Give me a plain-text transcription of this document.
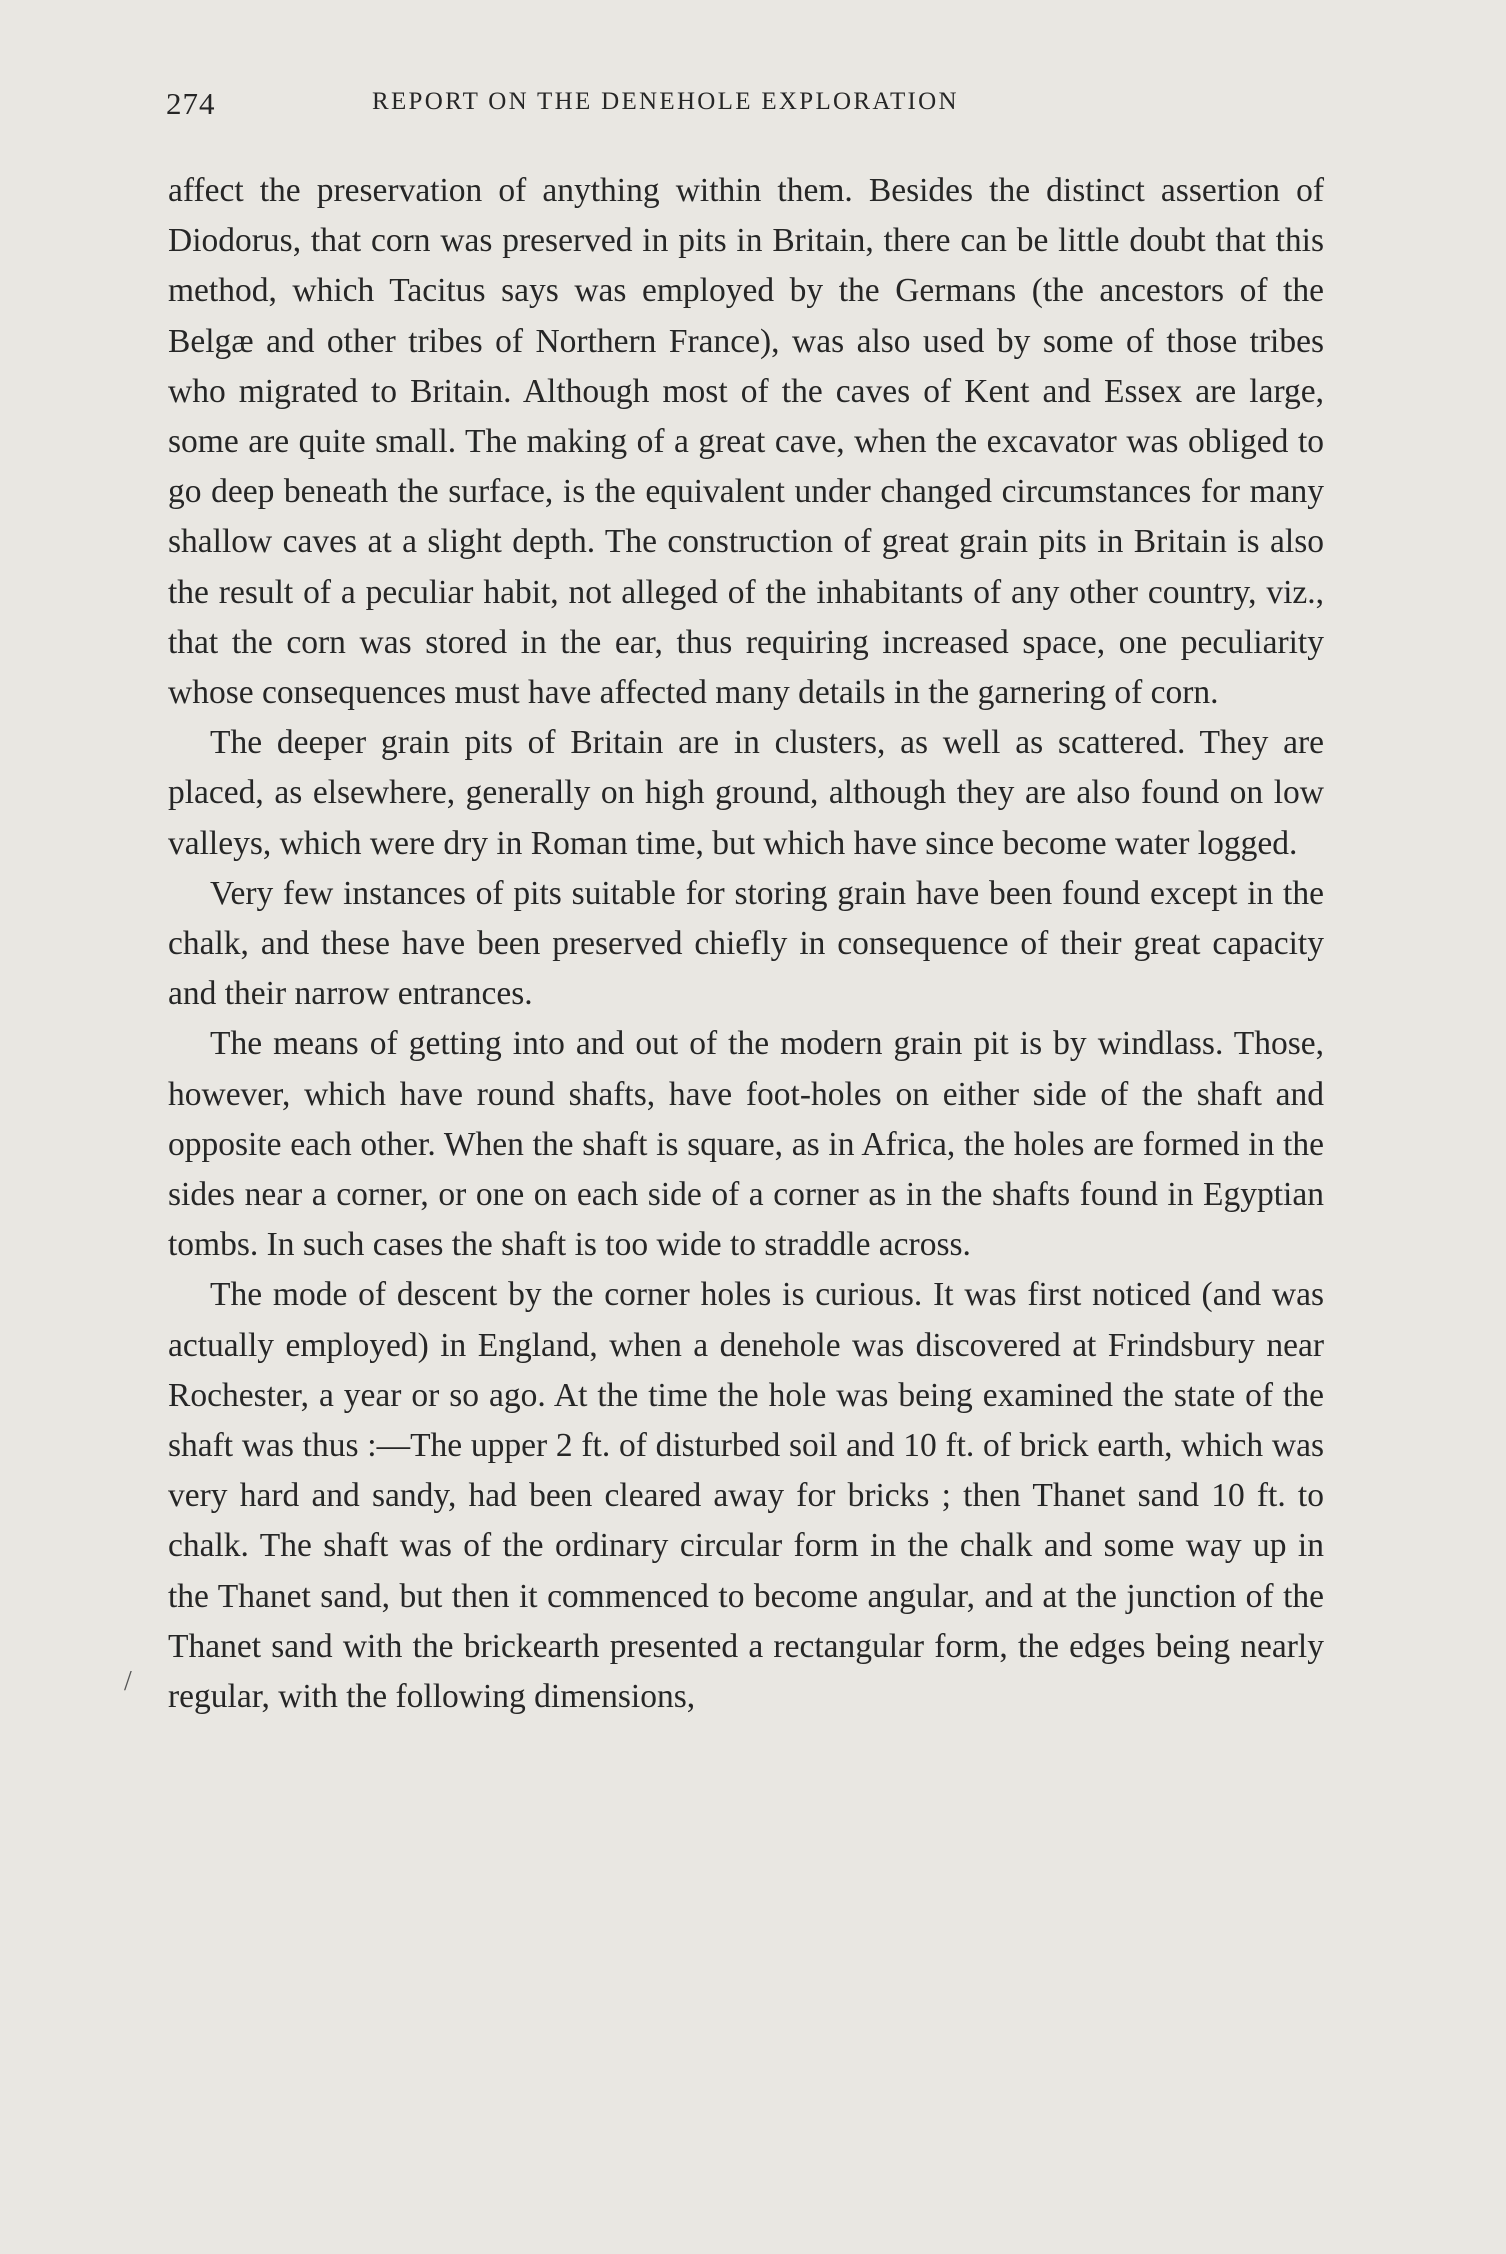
274	REPORT ON THE DENEHOLE EXPLORATION

affect the preservation of anything within them. Besides the distinct assertion of Diodorus, that corn was preserved in pits in Britain, there can be little doubt that this method, which Tacitus says was employed by the Germans (the ancestors of the Belgæ and other tribes of Northern France), was also used by some of those tribes who migrated to Britain. Although most of the caves of Kent and Essex are large, some are quite small. The making of a great cave, when the excavator was obliged to go deep beneath the surface, is the equivalent under changed circumstances for many shallow caves at a slight depth. The construction of great grain pits in Britain is also the result of a peculiar habit, not alleged of the inhabitants of any other country, viz., that the corn was stored in the ear, thus requiring increased space, one peculiarity whose consequences must have affected many details in the garnering of corn.

The deeper grain pits of Britain are in clusters, as well as scattered. They are placed, as elsewhere, generally on high ground, although they are also found on low valleys, which were dry in Roman time, but which have since become water logged.

Very few instances of pits suitable for storing grain have been found except in the chalk, and these have been preserved chiefly in consequence of their great capacity and their narrow entrances.

The means of getting into and out of the modern grain pit is by windlass. Those, however, which have round shafts, have foot-holes on either side of the shaft and opposite each other. When the shaft is square, as in Africa, the holes are formed in the sides near a corner, or one on each side of a corner as in the shafts found in Egyptian tombs. In such cases the shaft is too wide to straddle across.

The mode of descent by the corner holes is curious. It was first noticed (and was actually employed) in England, when a denehole was discovered at Frindsbury near Rochester, a year or so ago. At the time the hole was being examined the state of the shaft was thus :—The upper 2 ft. of disturbed soil and 10 ft. of brick earth, which was very hard and sandy, had been cleared away for bricks ; then Thanet sand 10 ft. to chalk. The shaft was of the ordinary circular form in the chalk and some way up in the Thanet sand, but then it commenced to become angular, and at the junction of the Thanet sand with the brickearth presented a rectangular form, the edges being nearly regular, with the following dimensions,

/
